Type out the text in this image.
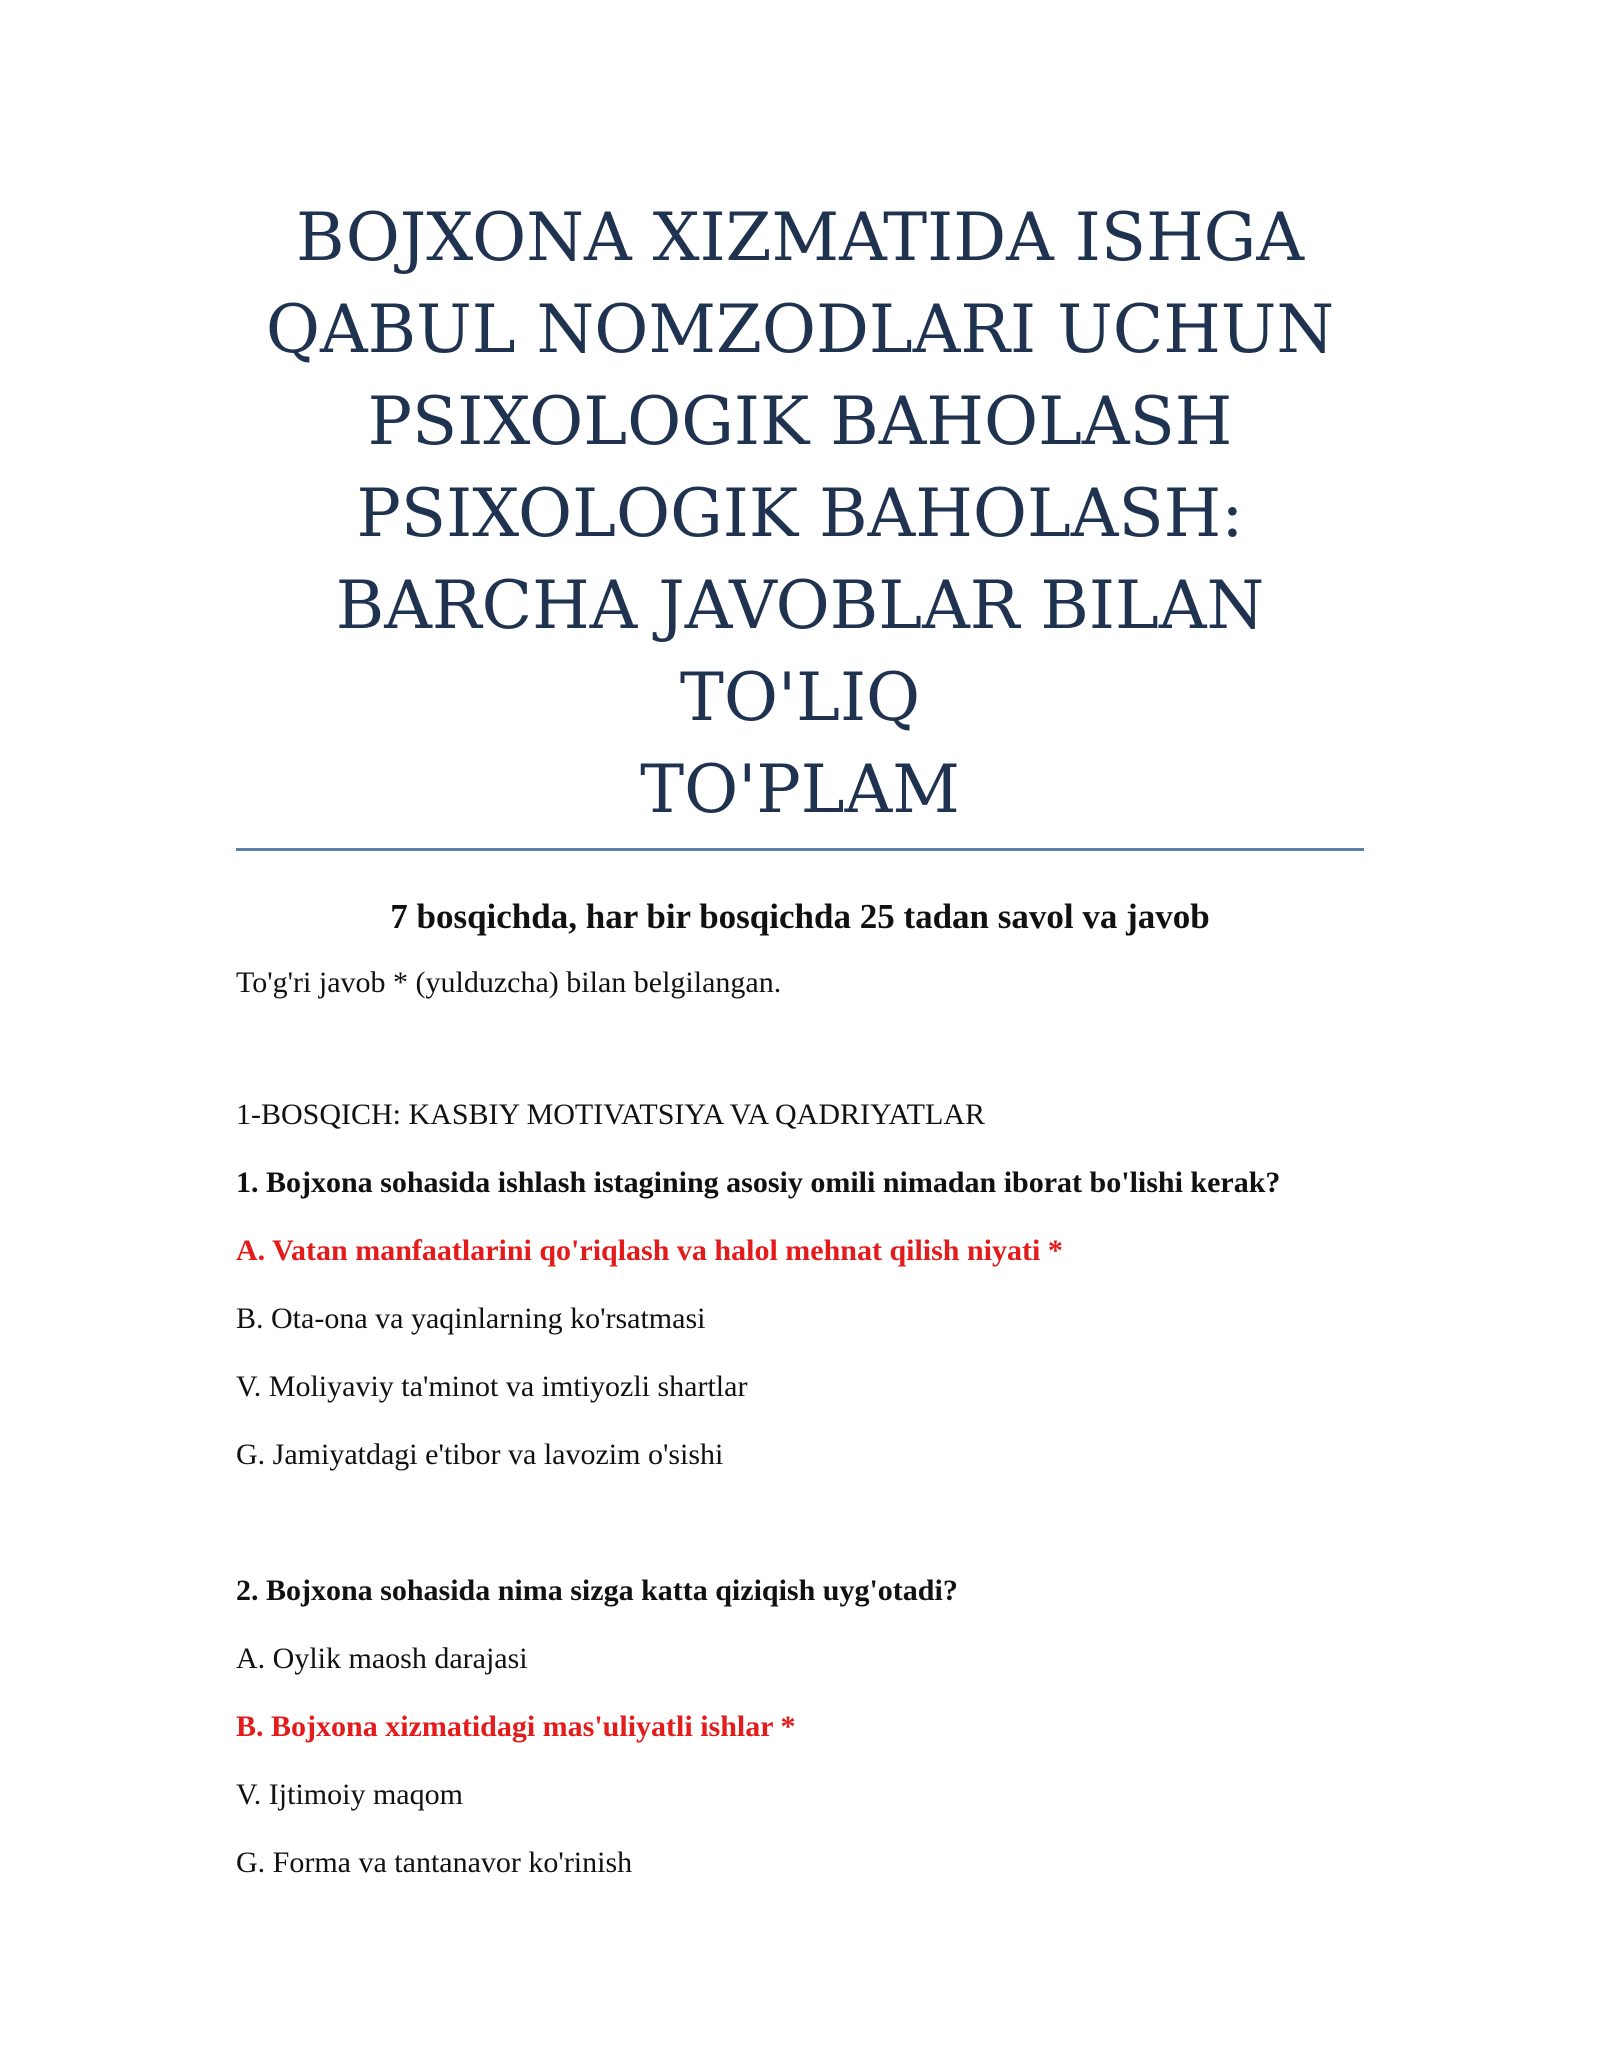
BOJXONA XIZMATIDA ISHGA
QABUL NOMZODLARI UCHUN
PSIXOLOGIK BAHOLASH
PSIXOLOGIK BAHOLASH:
BARCHA JAVOBLAR BILAN TO'LIQ
TO'PLAM

7 bosqichda, har bir bosqichda 25 tadan savol va javob

To'g'ri javob * (yulduzcha) bilan belgilangan.

1-BOSQICH: KASBIY MOTIVATSIYA VA QADRIYATLAR

1. Bojxona sohasida ishlash istagining asosiy omili nimadan iborat bo'lishi kerak?
A. Vatan manfaatlarini qo'riqlash va halol mehnat qilish niyati *
B. Ota-ona va yaqinlarning ko'rsatmasi
V. Moliyaviy ta'minot va imtiyozli shartlar
G. Jamiyatdagi e'tibor va lavozim o'sishi
2. Bojxona sohasida nima sizga katta qiziqish uyg'otadi?
A. Oylik maosh darajasi
B. Bojxona xizmatidagi mas'uliyatli ishlar *
V. Ijtimoiy maqom
G. Forma va tantanavor ko'rinish
